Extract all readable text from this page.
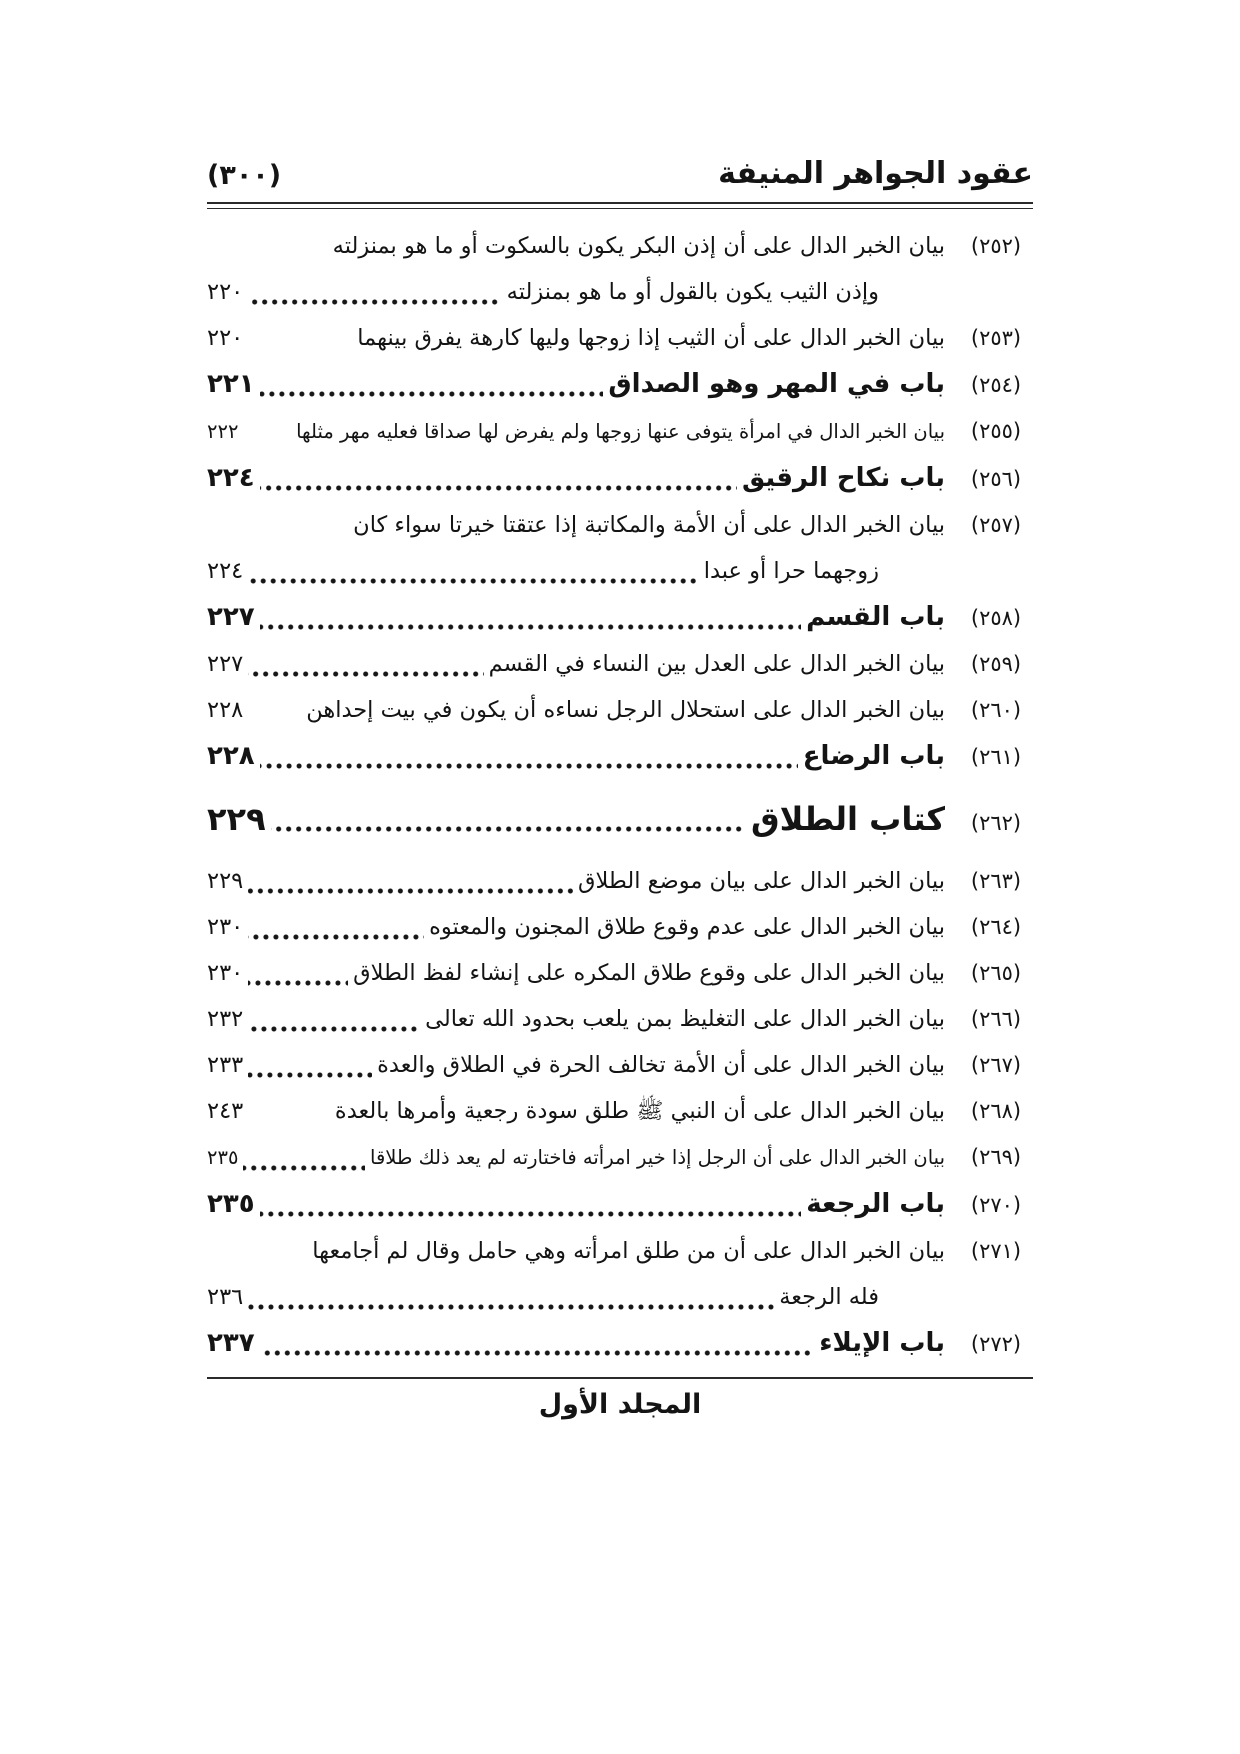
عقود الجواهر المنيفة
(٣٠٠)
(٢٥٢)
بيان الخبر الدال على أن إذن البكر يكون بالسكوت أو ما هو بمنزلته
وإذن الثيب يكون بالقول أو ما هو بمنزلته
٢٢٠
(٢٥٣)
بيان الخبر الدال على أن الثيب إذا زوجها وليها كارهة يفرق بينهما
٢٢٠
(٢٥٤)
باب في المهر وهو الصداق
٢٢١
(٢٥٥)
بيان الخبر الدال في امرأة يتوفى عنها زوجها ولم يفرض لها صداقا فعليه مهر مثلها
٢٢٢
(٢٥٦)
باب نكاح الرقيق
٢٢٤
(٢٥٧)
بيان الخبر الدال على أن الأمة والمكاتبة إذا عتقتا خيرتا سواء كان
زوجهما حرا أو عبدا
٢٢٤
(٢٥٨)
باب القسم
٢٢٧
(٢٥٩)
بيان الخبر الدال على العدل بين النساء في القسم
٢٢٧
(٢٦٠)
بيان الخبر الدال على استحلال الرجل نساءه أن يكون في بيت إحداهن
٢٢٨
(٢٦١)
باب الرضاع
٢٢٨
(٢٦٢)
كتاب الطلاق
٢٢٩
(٢٦٣)
بيان الخبر الدال على بيان موضع الطلاق
٢٢٩
(٢٦٤)
بيان الخبر الدال على عدم وقوع طلاق المجنون والمعتوه
٢٣٠
(٢٦٥)
بيان الخبر الدال على وقوع طلاق المكره على إنشاء لفظ الطلاق
٢٣٠
(٢٦٦)
بيان الخبر الدال على التغليظ بمن يلعب بحدود الله تعالى
٢٣٢
(٢٦٧)
بيان الخبر الدال على أن الأمة تخالف الحرة في الطلاق والعدة
٢٣٣
(٢٦٨)
بيان الخبر الدال على أن النبي ﷺ طلق سودة رجعية وأمرها بالعدة
٢٤٣
(٢٦٩)
بيان الخبر الدال على أن الرجل إذا خير امرأته فاختارته لم يعد ذلك طلاقا
٢٣٥
(٢٧٠)
باب الرجعة
٢٣٥
(٢٧١)
بيان الخبر الدال على أن من طلق امرأته وهي حامل وقال لم أجامعها
فله الرجعة
٢٣٦
(٢٧٢)
باب الإيلاء
٢٣٧
المجلد الأول
